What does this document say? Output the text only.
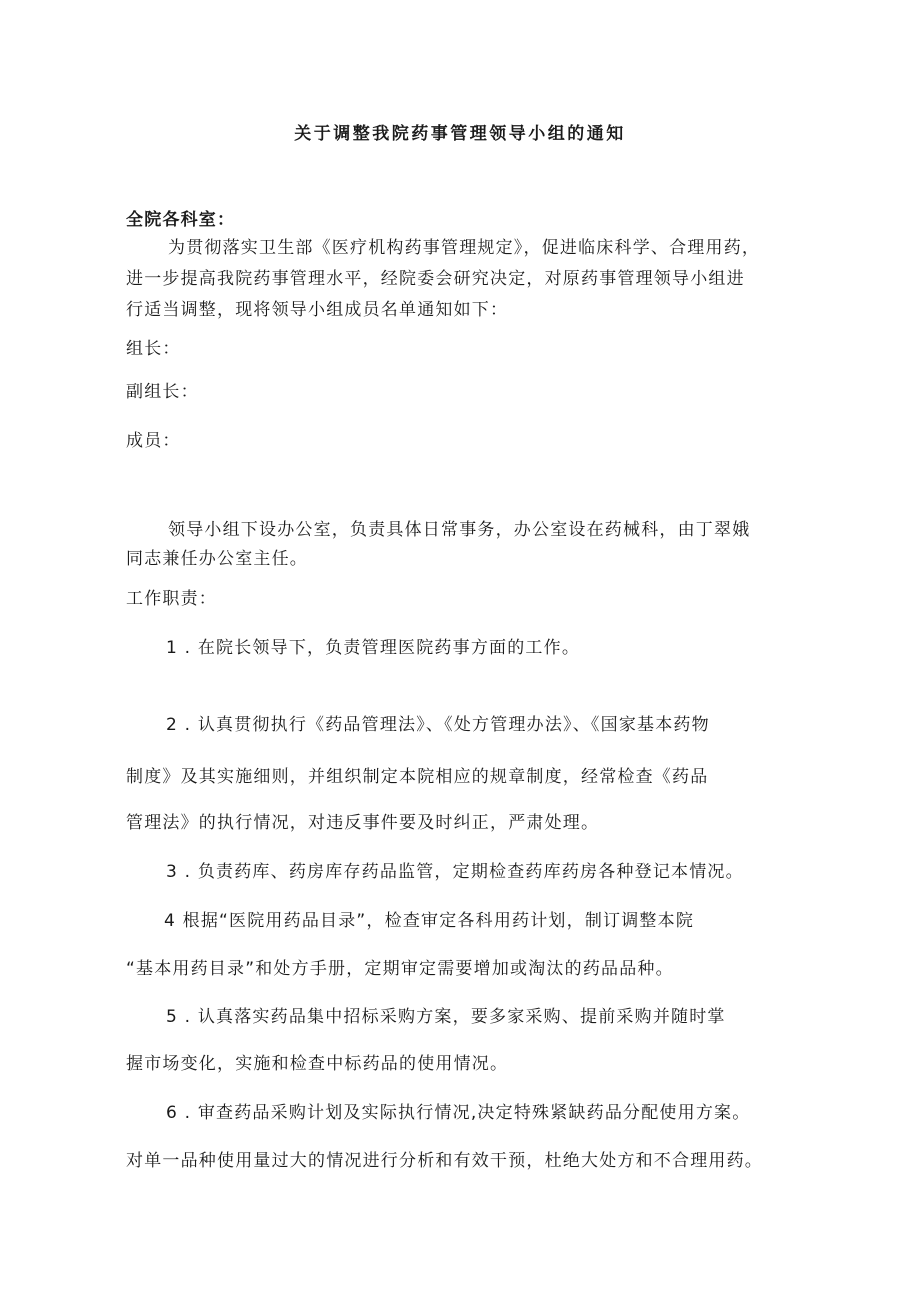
关于调整我院药事管理领导小组的通知
全院各科室：
为贯彻落实卫生部《医疗机构药事管理规定》，促进临床科学、合理用药，
进一步提高我院药事管理水平，经院委会研究决定，对原药事管理领导小组进
行适当调整，现将领导小组成员名单通知如下：
组长：
副组长：
成员：
领导小组下设办公室，负责具体日常事务，办公室设在药械科，由丁翠娥
同志兼任办公室主任。
工作职责：
1 . 在院长领导下，负责管理医院药事方面的工作。
2 . 认真贯彻执行《药品管理法》、《处方管理办法》、《国家基本药物
制度》及其实施细则，并组织制定本院相应的规章制度，经常检查《药品
管理法》的执行情况，对违反事件要及时纠正，严肃处理。
3 . 负责药库、药房库存药品监管，定期检查药库药房各种登记本情况。
4 根据“医院用药品目录”，检查审定各科用药计划，制订调整本院
“基本用药目录”和处方手册，定期审定需要增加或淘汰的药品品种。
5 . 认真落实药品集中招标采购方案，要多家采购、提前采购并随时掌
握市场变化，实施和检查中标药品的使用情况。
6 . 审查药品采购计划及实际执行情况,决定特殊紧缺药品分配使用方案。
对单一品种使用量过大的情况进行分析和有效干预，杜绝大处方和不合理用药。
